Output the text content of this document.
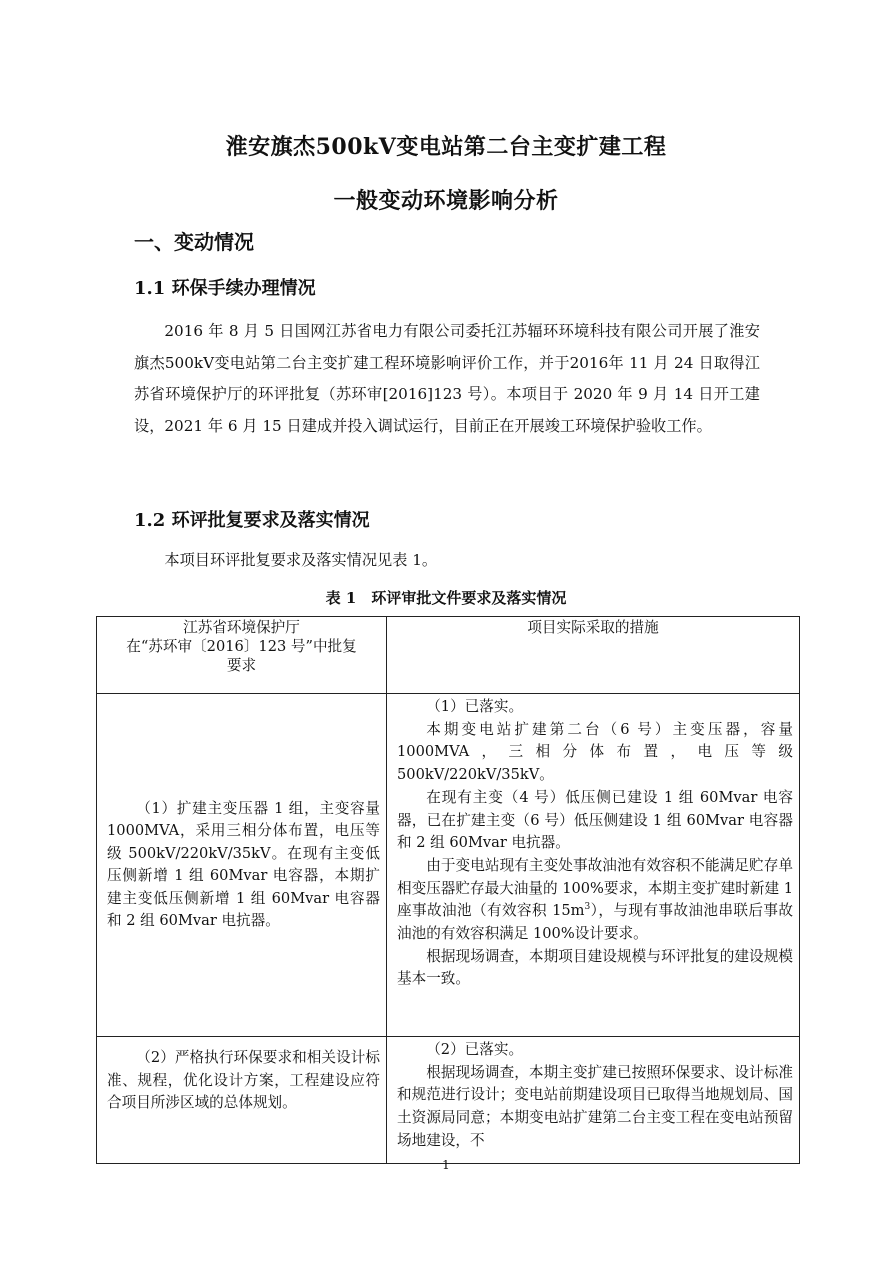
淮安旗杰500kV变电站第二台主变扩建工程
一般变动环境影响分析
一、变动情况
1.1 环保手续办理情况
2016 年 8 月 5 日国网江苏省电力有限公司委托江苏辐环环境科技有限公司开展了淮安旗杰500kV变电站第二台主变扩建工程环境影响评价工作，并于2016年 11 月 24 日取得江苏省环境保护厅的环评批复（苏环审[2016]123 号）。本项目于 2020 年 9 月 14 日开工建设，2021 年 6 月 15 日建成并投入调试运行，目前正在开展竣工环境保护验收工作。
1.2 环评批复要求及落实情况
本项目环评批复要求及落实情况见表 1。
表 1　环评审批文件要求及落实情况
江苏省环境保护厅
在“苏环审〔2016〕123 号”中批复
要求	项目实际采取的措施

（1）扩建主变压器 1 组，主变容量 1000MVA，采用三相分体布置，电压等级 500kV/220kV/35kV。在现有主变低压侧新增 1 组 60Mvar 电容器，本期扩建主变低压侧新增 1 组 60Mvar 电容器和 2 组 60Mvar 电抗器。	（1）已落实。

本期变电站扩建第二台（6 号）主变压器，容量 1000MVA，三相分体布置，电压等级 500kV/220kV/35kV。

在现有主变（4 号）低压侧已建设 1 组 60Mvar 电容器，已在扩建主变（6 号）低压侧建设 1 组 60Mvar 电容器和 2 组 60Mvar 电抗器。

由于变电站现有主变处事故油池有效容积不能满足贮存单相变压器贮存最大油量的 100%要求，本期主变扩建时新建 1 座事故油池（有效容积 $15m^3$），与现有事故油池串联后事故油池的有效容积满足 100%设计要求。

根据现场调查，本期项目建设规模与环评批复的建设规模基本一致。

（2）严格执行环保要求和相关设计标准、规程，优化设计方案，工程建设应符合项目所涉区域的总体规划。	（2）已落实。

根据现场调查，本期主变扩建已按照环保要求、设计标准和规范进行设计；变电站前期建设项目已取得当地规划局、国土资源局同意；本期变电站扩建第二台主变工程在变电站预留场地建设，不

1
